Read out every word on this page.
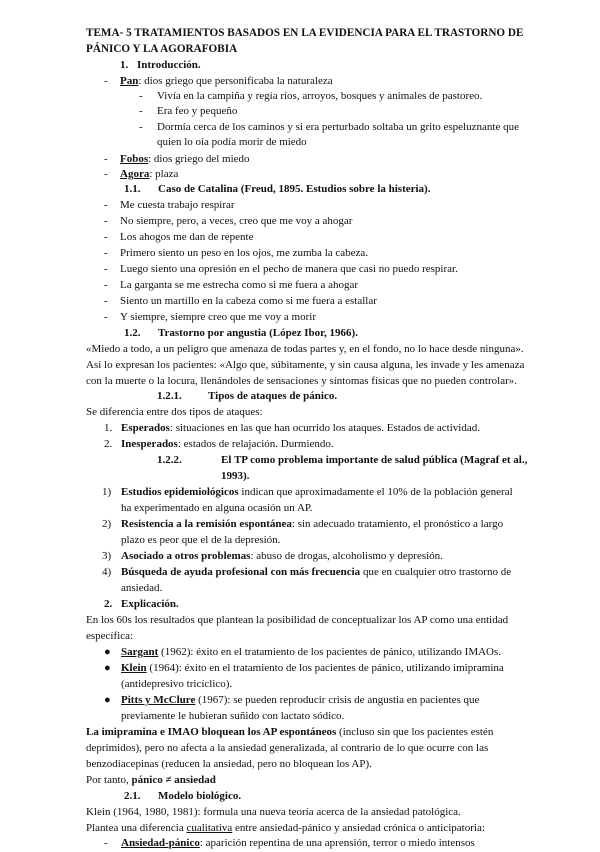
TEMA- 5 TRATAMIENTOS BASADOS EN LA EVIDENCIA PARA EL TRASTORNO DE
PÁNICO Y LA AGORAFOBIA
1. Introducción.
- Pan: dios griego que personificaba la naturaleza
- Vivía en la campiña y regía ríos, arroyos, bosques y animales de pastoreo.
- Era feo y pequeño
- Dormía cerca de los caminos y si era perturbado soltaba un grito espeluznante que
quien lo oía podía morir de miedo
- Fobos: dios griego del miedo
- Agora: plaza
1.1. Caso de Catalina (Freud, 1895. Estudios sobre la histeria).
- Me cuesta trabajo respirar
- No siempre, pero, a veces, creo que me voy a ahogar
- Los ahogos me dan de repente
- Primero siento un peso en los ojos, me zumba la cabeza.
- Luego siento una opresión en el pecho de manera que casi no puedo respirar.
- La garganta se me estrecha como si me fuera a ahogar
- Siento un martillo en la cabeza como si me fuera a estallar
- Y siempre, siempre creo que me voy a morir
1.2. Trastorno por angustia (López Ibor, 1966).
«Miedo a todo, a un peligro que amenaza de todas partes y, en el fondo, no lo hace desde ninguna».
Así lo expresan los pacientes: «Algo que, súbitamente, y sin causa alguna, les invade y les amenaza
con la muerte o la locura, llenándoles de sensaciones y síntomas físicas que no pueden controlar».
1.2.1. Tipos de ataques de pánico.
Se diferencia entre dos tipos de ataques:
1. Esperados: situaciones en las que han ocurrido los ataques. Estados de actividad.
2. Inesperados: estados de relajación. Durmiendo.
1.2.2.	El TP como problema importante de salud pública (Magraf et al.,
1993).
1) Estudios epidemiológicos indican que aproximadamente el 10% de la población general
ha experimentado en alguna ocasión un AP.
2) Resistencia a la remisión espontánea: sin adecuado tratamiento, el pronóstico a largo
plazo es peor que el de la depresión.
3) Asociado a otros problemas: abuso de drogas, alcoholismo y depresión.
4) Búsqueda de ayuda profesional con más frecuencia que en cualquier otro trastorno de
ansiedad.
2. Explicación.
En los 60s los resultados que plantean la posibilidad de conceptualizar los AP como una entidad
específica:
● Sargant (1962): éxito en el tratamiento de los pacientes de pánico, utilizando IMAOs.
● Klein (1964): éxito en el tratamiento de los pacientes de pánico, utilizando imipramina
(antidepresivo tricíclico).
● Pitts y McClure (1967): se pueden reproducir crisis de angustia en pacientes que
previamente le hubieran suñido con lactato sódico.
La imipramina e IMAO bloquean los AP espontáneos (incluso sin que los pacientes estén
deprimidos), pero no afecta a la ansiedad generalizada, al contrario de lo que ocurre con las
benzodiacepinas (reducen la ansiedad, pero no bloquean los AP).
Por tanto, pánico ≠ ansiedad
2.1. Modelo biológico.
Klein (1964, 1980, 1981): formula una nueva teoría acerca de la ansiedad patológica.
Plantea una diferencia cualitativa entre ansiedad-pánico y ansiedad crónica o anticipatoria:
- Ansiedad-pánico: aparición repentina de una aprensión, terror o miedo intensos
